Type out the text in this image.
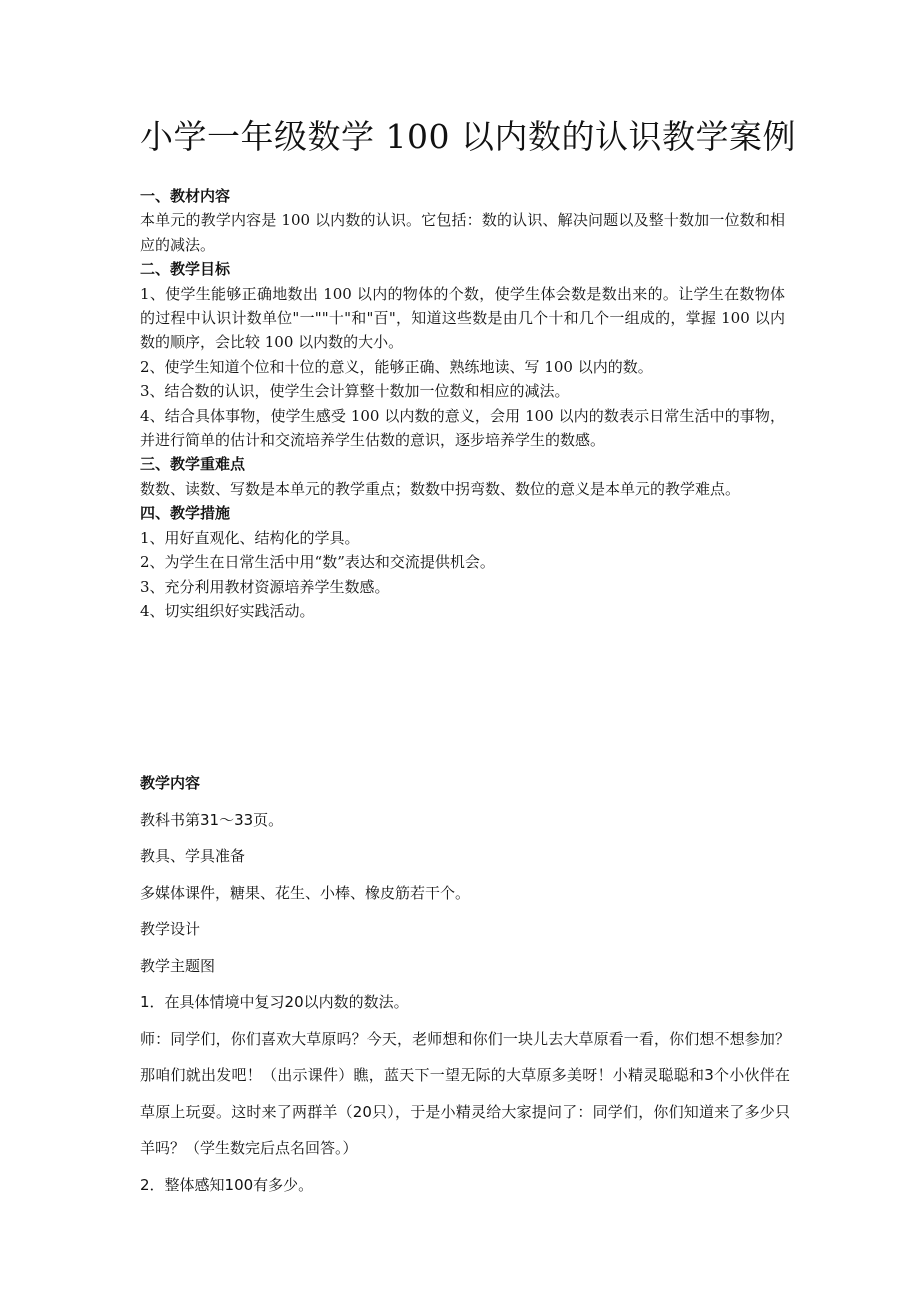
小学一年级数学 100 以内数的认识教学案例

一、教材内容

本单元的教学内容是 100 以内数的认识。它包括：数的认识、解决问题以及整十数加一位数和相应的减法。

二、教学目标

1、使学生能够正确地数出 100 以内的物体的个数，使学生体会数是数出来的。让学生在数物体的过程中认识计数单位"一""十"和"百"，知道这些数是由几个十和几个一组成的，掌握 100 以内数的顺序，会比较 100 以内数的大小。

2、使学生知道个位和十位的意义，能够正确、熟练地读、写 100 以内的数。

3、结合数的认识，使学生会计算整十数加一位数和相应的减法。

4、结合具体事物，使学生感受 100 以内数的意义，会用 100 以内的数表示日常生活中的事物，并进行简单的估计和交流培养学生估数的意识，逐步培养学生的数感。

三、教学重难点

数数、读数、写数是本单元的教学重点；数数中拐弯数、数位的意义是本单元的教学难点。

四、教学措施

1、用好直观化、结构化的学具。

2、为学生在日常生活中用“数”表达和交流提供机会。

3、充分利用教材资源培养学生数感。

4、切实组织好实践活动。

教学内容

教科书第31～33页。

教具、学具准备

多媒体课件，糖果、花生、小棒、橡皮筋若干个。

教学设计

教学主题图

1．在具体情境中复习20以内数的数法。

师：同学们，你们喜欢大草原吗？今天，老师想和你们一块儿去大草原看一看，你们想不想参加？那咱们就出发吧！（出示课件）瞧，蓝天下一望无际的大草原多美呀！小精灵聪聪和3个小伙伴在草原上玩耍。这时来了两群羊（20只），于是小精灵给大家提问了：同学们，你们知道来了多少只羊吗？（学生数完后点名回答。）

2．整体感知100有多少。
